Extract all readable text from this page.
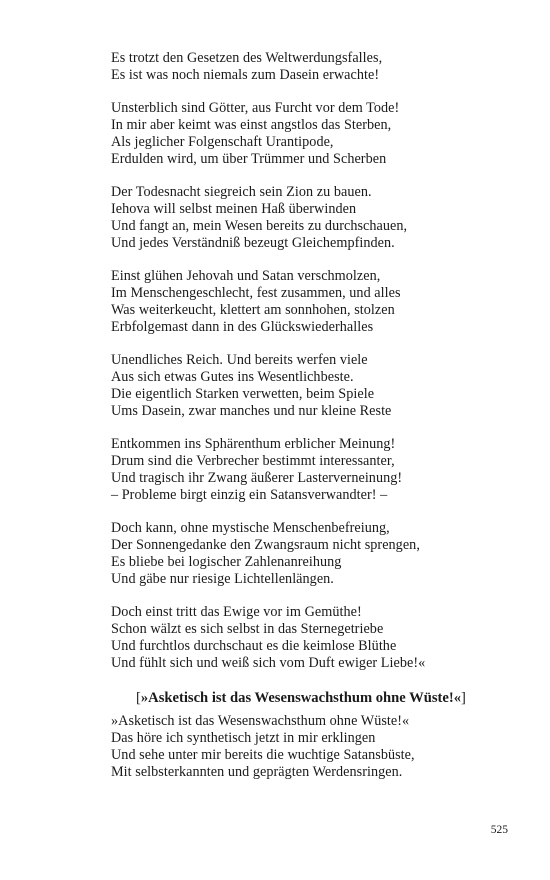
Es trotzt den Gesetzen des Weltwerdungsfalles,
Es ist was noch niemals zum Dasein erwachte!
Unsterblich sind Götter, aus Furcht vor dem Tode!
In mir aber keimt was einst angstlos das Sterben,
Als jeglicher Folgenschaft Urantipode,
Erdulden wird, um über Trümmer und Scherben
Der Todesnacht siegreich sein Zion zu bauen.
Iehova will selbst meinen Haß überwinden
Und fangt an, mein Wesen bereits zu durchschauen,
Und jedes Verständniß bezeugt Gleichempfinden.
Einst glühen Jehovah und Satan verschmolzen,
Im Menschengeschlecht, fest zusammen, und alles
Was weiterkeucht, klettert am sonnhohen, stolzen
Erbfolgemast dann in des Glückswiederhalles
Unendliches Reich. Und bereits werfen viele
Aus sich etwas Gutes ins Wesentlichbeste.
Die eigentlich Starken verwetten, beim Spiele
Ums Dasein, zwar manches und nur kleine Reste
Entkommen ins Sphärenthum erblicher Meinung!
Drum sind die Verbrecher bestimmt interessanter,
Und tragisch ihr Zwang äußerer Lasterverneinung!
– Probleme birgt einzig ein Satansverwandter! –
Doch kann, ohne mystische Menschenbefreiung,
Der Sonnengedanke den Zwangsraum nicht sprengen,
Es bliebe bei logischer Zahlenanreihung
Und gäbe nur riesige Lichtellenlängen.
Doch einst tritt das Ewige vor im Gemüthe!
Schon wälzt es sich selbst in das Sternegetriebe
Und furchtlos durchschaut es die keimlose Blüthe
Und fühlt sich und weiß sich vom Duft ewiger Liebe!«
[»Asketisch ist das Wesenswachsthum ohne Wüste!«]
»Asketisch ist das Wesenswachsthum ohne Wüste!«
Das höre ich synthetisch jetzt in mir erklingen
Und sehe unter mir bereits die wuchtige Satansbüste,
Mit selbsterkannten und geprägten Werdensringen.
525
